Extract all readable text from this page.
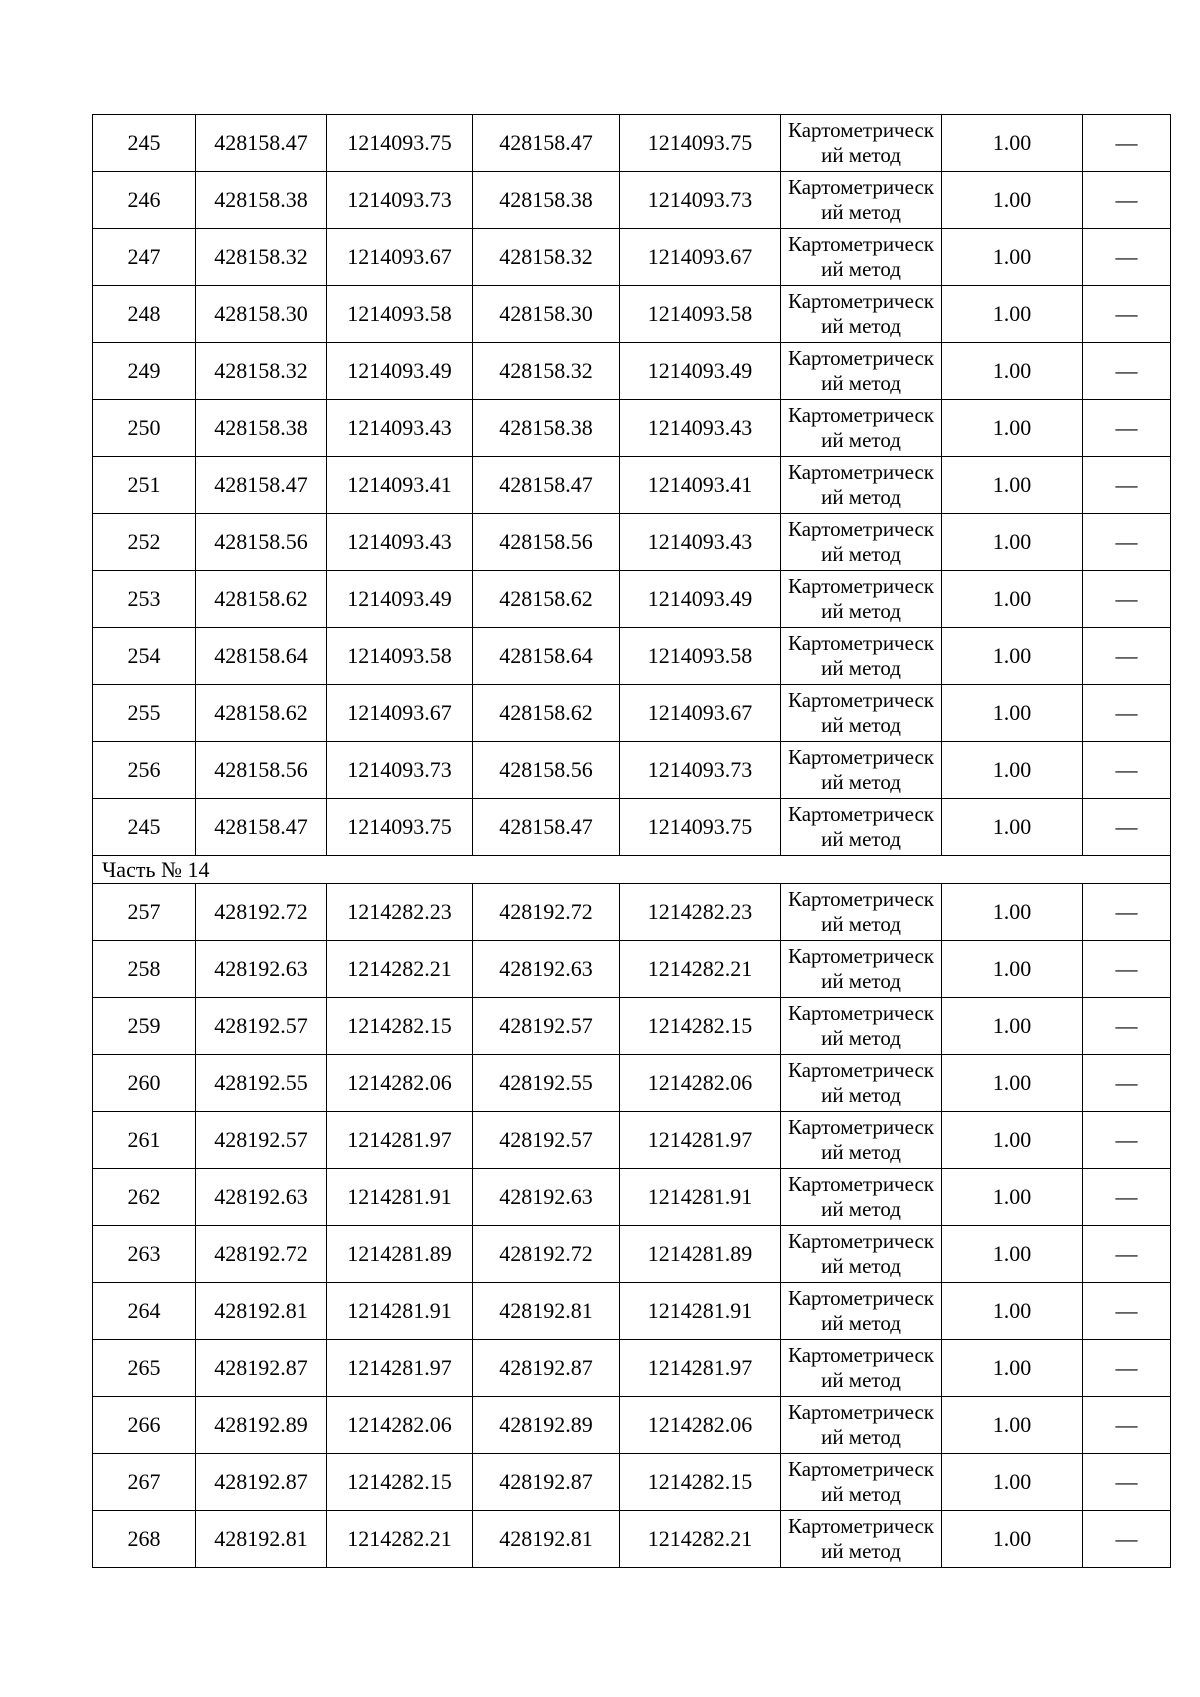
245	428158.47	1214093.75	428158.47	1214093.75	Картометрический метод	1.00	—
246	428158.38	1214093.73	428158.38	1214093.73	Картометрический метод	1.00	—
247	428158.32	1214093.67	428158.32	1214093.67	Картометрический метод	1.00	—
248	428158.30	1214093.58	428158.30	1214093.58	Картометрический метод	1.00	—
249	428158.32	1214093.49	428158.32	1214093.49	Картометрический метод	1.00	—
250	428158.38	1214093.43	428158.38	1214093.43	Картометрический метод	1.00	—
251	428158.47	1214093.41	428158.47	1214093.41	Картометрический метод	1.00	—
252	428158.56	1214093.43	428158.56	1214093.43	Картометрический метод	1.00	—
253	428158.62	1214093.49	428158.62	1214093.49	Картометрический метод	1.00	—
254	428158.64	1214093.58	428158.64	1214093.58	Картометрический метод	1.00	—
255	428158.62	1214093.67	428158.62	1214093.67	Картометрический метод	1.00	—
256	428158.56	1214093.73	428158.56	1214093.73	Картометрический метод	1.00	—
245	428158.47	1214093.75	428158.47	1214093.75	Картометрический метод	1.00	—
Часть № 14							
257	428192.72	1214282.23	428192.72	1214282.23	Картометрический метод	1.00	—
258	428192.63	1214282.21	428192.63	1214282.21	Картометрический метод	1.00	—
259	428192.57	1214282.15	428192.57	1214282.15	Картометрический метод	1.00	—
260	428192.55	1214282.06	428192.55	1214282.06	Картометрический метод	1.00	—
261	428192.57	1214281.97	428192.57	1214281.97	Картометрический метод	1.00	—
262	428192.63	1214281.91	428192.63	1214281.91	Картометрический метод	1.00	—
263	428192.72	1214281.89	428192.72	1214281.89	Картометрический метод	1.00	—
264	428192.81	1214281.91	428192.81	1214281.91	Картометрический метод	1.00	—
265	428192.87	1214281.97	428192.87	1214281.97	Картометрический метод	1.00	—
266	428192.89	1214282.06	428192.89	1214282.06	Картометрический метод	1.00	—
267	428192.87	1214282.15	428192.87	1214282.15	Картометрический метод	1.00	—
268	428192.81	1214282.21	428192.81	1214282.21	Картометрический метод	1.00	—
